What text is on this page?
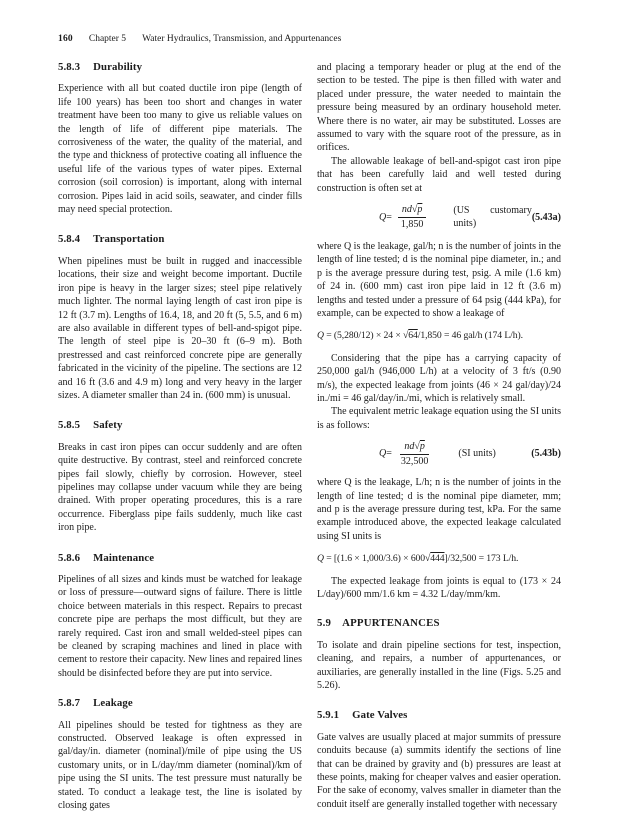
160 Chapter 5 Water Hydraulics, Transmission, and Appurtenances
5.8.3 Durability

Experience with all but coated ductile iron pipe (length of life 100 years) has been too short and changes in water treatment have been too many to give us reliable values on the length of life of different pipe materials. The corrosiveness of the water, the quality of the material, and the type and thickness of protective coating all influence the useful life of the various types of water pipes. External corrosion (soil corrosion) is important, along with internal corrosion. Pipes laid in acid soils, seawater, and cinder fills may need special protection.

5.8.4 Transportation

When pipelines must be built in rugged and inaccessible locations, their size and weight become important. Ductile iron pipe is heavy in the larger sizes; steel pipe relatively much lighter. The normal laying length of cast iron pipe is 12 ft (3.7 m). Lengths of 16.4, 18, and 20 ft (5, 5.5, and 6 m) are also available in different types of bell-and-spigot pipe. The length of steel pipe is 20–30 ft (6–9 m). Both prestressed and cast reinforced concrete pipe are generally fabricated in the vicinity of the pipeline. The sections are 12 and 16 ft (3.6 and 4.9 m) long and very heavy in the larger sizes. A diameter smaller than 24 in. (600 mm) is unusual.

5.8.5 Safety

Breaks in cast iron pipes can occur suddenly and are often quite destructive. By contrast, steel and reinforced concrete pipes fail slowly, chiefly by corrosion. However, steel pipelines may collapse under vacuum while they are being drained. With proper operating procedures, this is a rare occurrence. Fiberglass pipe fails suddenly, much like cast iron pipe.

5.8.6 Maintenance

Pipelines of all sizes and kinds must be watched for leakage or loss of pressure—outward signs of failure. There is little choice between materials in this respect. Repairs to precast concrete pipe are perhaps the most difficult, but they are rarely required. Cast iron and small welded-steel pipes can be cleaned by scraping machines and lined in place with cement to restore their capacity. New lines and repaired lines should be disinfected before they are put into service.

5.8.7 Leakage

All pipelines should be tested for tightness as they are constructed. Observed leakage is often expressed in gal/day/in. diameter (nominal)/mile of pipe using the US customary units, or in L/day/mm diameter (nominal)/km of pipe using the SI units. The test pressure must naturally be stated. To conduct a leakage test, the line is isolated by closing gates

and placing a temporary header or plug at the end of the section to be tested. The pipe is then filled with water and placed under pressure, the water needed to maintain the pressure being measured by an ordinary household meter. Where there is no water, air may be substituted. Losses are assumed to vary with the square root of the pressure, as in orifices.

The allowable leakage of bell-and-spigot cast iron pipe that has been carefully laid and well tested during construction is often set at

$Q = \frac{nd√p}{1,850}$	(US customary units)
(5.43a)

where Q is the leakage, gal/h; n is the number of joints in the length of line tested; d is the nominal pipe diameter, in.; and p is the average pressure during test, psig. A mile (1.6 km) of 24 in. (600 mm) cast iron pipe laid in 12 ft (3.6 m) lengths and tested under a pressure of 64 psig (444 kPa), for example, can be expected to show a leakage of

Q = (5,280/12) × 24 × √64/1,850 = 46 gal/h (174 L/h).

Considering that the pipe has a carrying capacity of 250,000 gal/h (946,000 L/h) at a velocity of 3 ft/s (0.90 m/s), the expected leakage from joints (46 × 24 gal/day)/24 in./mi = 46 gal/day/in./mi, which is relatively small.

The equivalent metric leakage equation using the SI units is as follows:

$Q = \frac{nd√p}{32,500}$	(SI units)	(5.43b)

where Q is the leakage, L/h; n is the number of joints in the length of line tested; d is the nominal pipe diameter, mm; and p is the average pressure during test, kPa. For the same example introduced above, the expected leakage calculated using SI units is

Q = [(1.6 × 1,000/3.6) × 600√444]/32,500 = 173 L/h.

The expected leakage from joints is equal to (173 × 24 L/day)/600 mm/1.6 km = 4.32 L/day/mm/km.

5.9 APPURTENANCES

To isolate and drain pipeline sections for test, inspection, cleaning, and repairs, a number of appurtenances, or auxiliaries, are generally installed in the line (Figs. 5.25 and 5.26).

5.9.1 Gate Valves

Gate valves are usually placed at major summits of pressure conduits because (a) summits identify the sections of line that can be drained by gravity and (b) pressures are least at these points, making for cheaper valves and easier operation. For the sake of economy, valves smaller in diameter than the conduit itself are generally installed together with necessary
